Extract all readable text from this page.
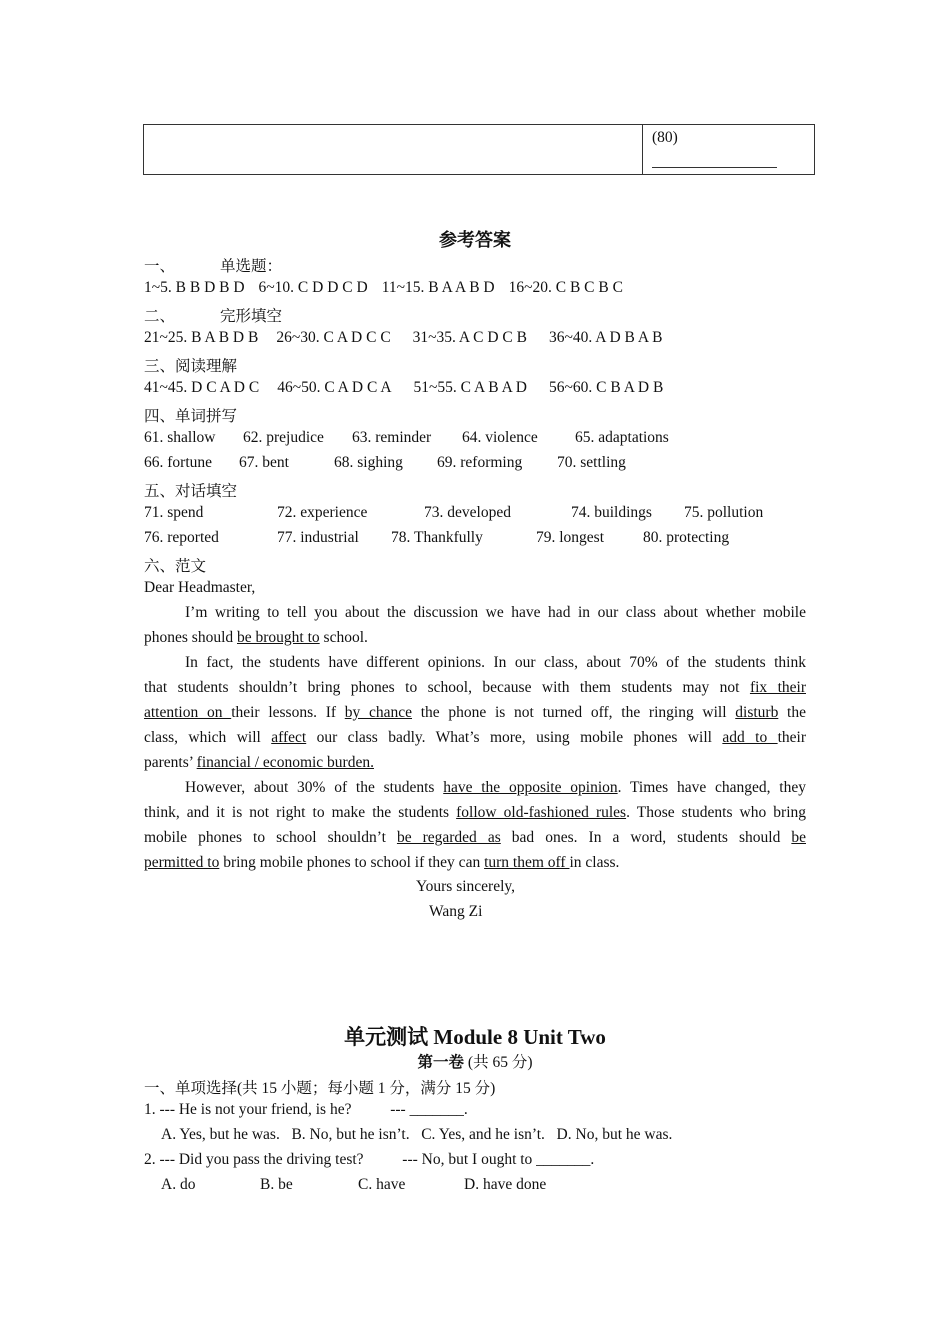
(80)
参考答案
一、	单选题：
1~5. B B D B D 6~10. C D D C D 11~15. B A A B D 16~20. C B C B C
二、	完形填空
21~25. B A B D B 26~30. C A D C C 31~35. A C D C B 36~40. A D B A B
三、阅读理解
41~45. D C A D C 46~50. C A D C A 51~55. C A B A D 56~60. C B A D B
四、单词拼写
61. shallow 62. prejudice 63. reminder 64. violence 65. adaptations
66. fortune 67. bent	68. sighing 69. reforming 70. settling
五、对话填空
71. spend	72. experience	73. developed	74. buildings 75. pollution
76. reported	77. industrial 78. Thankfully	79. longest	80. protecting
六、范文
Dear Headmaster,
I’m writing to tell you about the discussion we have had in our class about whether mobile
phones should be brought to school.
In fact, the students have different opinions. In our class, about 70% of the students think
that students shouldn’t bring phones to school, because with them students may not fix their
attention on their lessons. If by chance the phone is not turned off, the ringing will disturb the
class, which will affect our class badly. What’s more, using mobile phones will add to their
parents’ financial / economic burden.
However, about 30% of the students have the opposite opinion. Times have changed, they
think, and it is not right to make the students follow old-fashioned rules. Those students who bring
mobile phones to school shouldn’t be regarded as bad ones. In a word, students should be
permitted to bring mobile phones to school if they can turn them off in class.
Yours sincerely,
Wang Zi
单元测试 Module 8 Unit Two
第一卷 (共 65 分)
一、单项选择(共 15 小题；每小题 1 分，满分 15 分)
1. --- He is not your friend, is he?          --- _______.
A. Yes, but he was.   B. No, but he isn’t.   C. Yes, and he isn’t.   D. No, but he was.
2. --- Did you pass the driving test?          --- No, but I ought to _______.
A. do	B. be	C. have	D. have done
